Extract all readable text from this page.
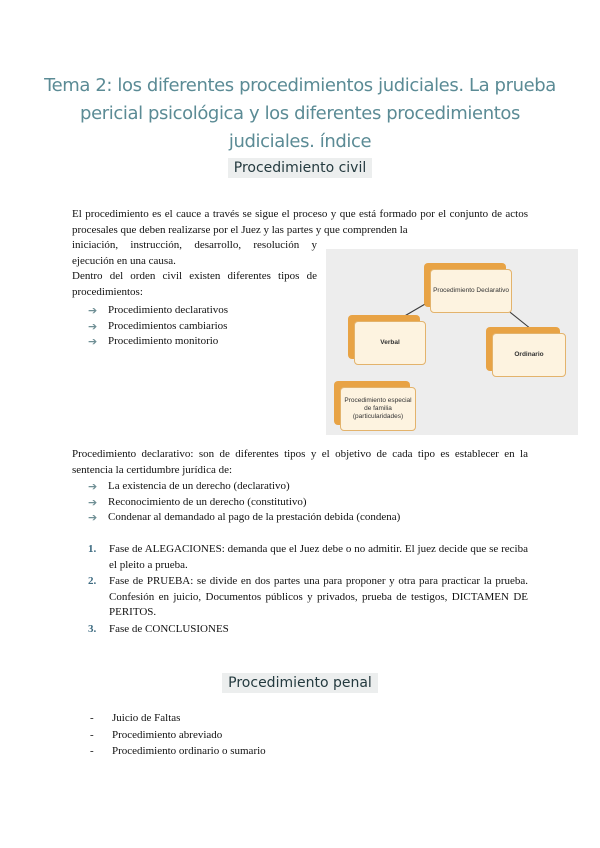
Tema 2: los diferentes procedimientos judiciales. La prueba pericial psicológica y los diferentes procedimientos judiciales. índice
Procedimiento civil
El procedimiento es el cauce a través se sigue el proceso y que está formado por el conjunto de actos procesales que deben realizarse por el Juez y las partes y que comprenden la
iniciación, instrucción, desarrollo, resolución y ejecución en una causa.
Dentro del orden civil existen diferentes tipos de procedimientos:
➔ Procedimiento declarativos
➔ Procedimientos cambiarios
➔ Procedimiento monitorio
Procedimiento Declarativo
Verbal
Ordinario
Procedimiento especial de familia (particularidades)
Procedimiento declarativo: son de diferentes tipos y el objetivo de cada tipo es establecer en la sentencia la certidumbre jurídica de:
➔ La existencia de un derecho (declarativo)
➔ Reconocimiento de un derecho (constitutivo)
➔ Condenar al demandado al pago de la prestación debida (condena)
1. Fase de ALEGACIONES: demanda que el Juez debe o no admitir. El juez decide que se reciba el pleito a prueba.
2. Fase de PRUEBA: se divide en dos partes una para proponer y otra para practicar la prueba. Confesión en juicio, Documentos públicos y privados, prueba de testigos, DICTAMEN DE PERITOS.
3. Fase de CONCLUSIONES
Procedimiento penal
- Juicio de Faltas
- Procedimiento abreviado
- Procedimiento ordinario o sumario
